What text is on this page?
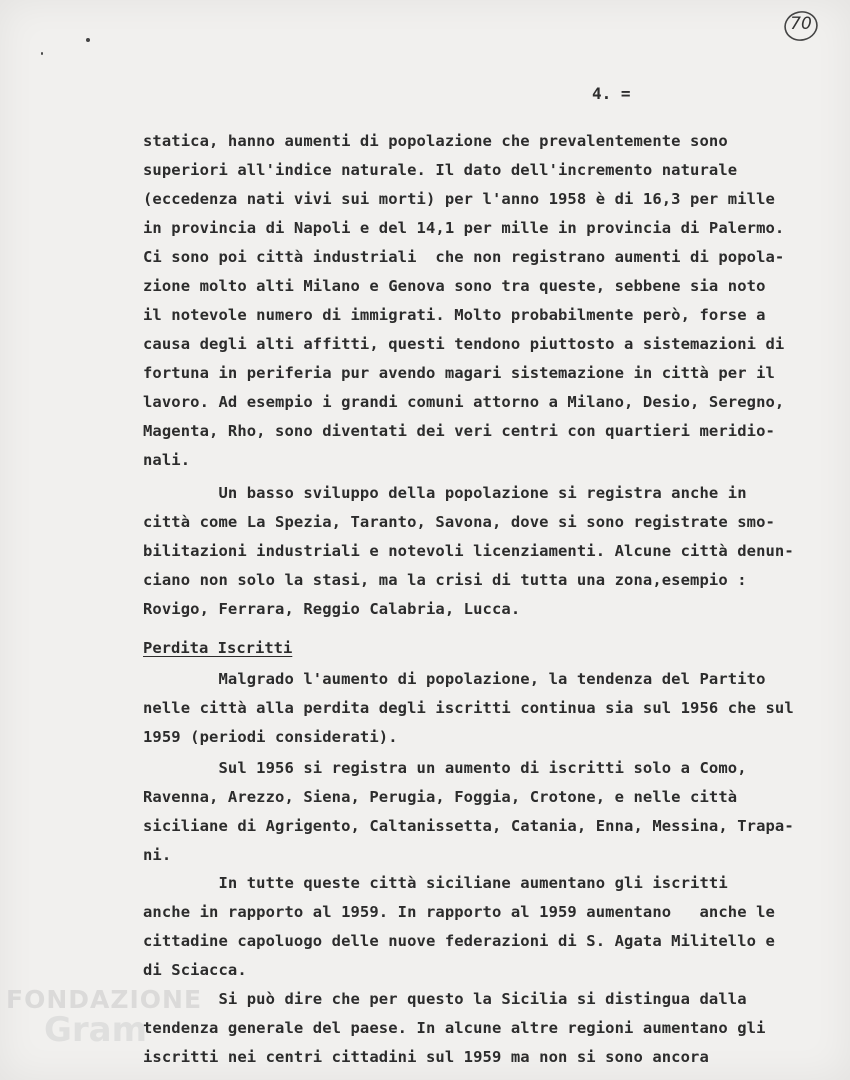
70
4. =
statica, hanno aumenti di popolazione che prevalentemente sono
superiori all'indice naturale. Il dato dell'incremento naturale
(eccedenza nati vivi sui morti) per l'anno 1958 è di 16,3 per mille
in provincia di Napoli e del 14,1 per mille in provincia di Palermo.
Ci sono poi città industriali  che non registrano aumenti di popola-
zione molto alti Milano e Genova sono tra queste, sebbene sia noto
il notevole numero di immigrati. Molto probabilmente però, forse a
causa degli alti affitti, questi tendono piuttosto a sistemazioni di
fortuna in periferia pur avendo magari sistemazione in città per il
lavoro. Ad esempio i grandi comuni attorno a Milano, Desio, Seregno,
Magenta, Rho, sono diventati dei veri centri con quartieri meridio-
nali.
Un basso sviluppo della popolazione si registra anche in
città come La Spezia, Taranto, Savona, dove si sono registrate smo-
bilitazioni industriali e notevoli licenziamenti. Alcune città denun-
ciano non solo la stasi, ma la crisi di tutta una zona,esempio :
Rovigo, Ferrara, Reggio Calabria, Lucca.
Perdita Iscritti
Malgrado l'aumento di popolazione, la tendenza del Partito
nelle città alla perdita degli iscritti continua sia sul 1956 che sul
1959 (periodi considerati).
Sul 1956 si registra un aumento di iscritti solo a Como,
Ravenna, Arezzo, Siena, Perugia, Foggia, Crotone, e nelle città
siciliane di Agrigento, Caltanissetta, Catania, Enna, Messina, Trapa-
ni.
In tutte queste città siciliane aumentano gli iscritti
anche in rapporto al 1959. In rapporto al 1959 aumentano   anche le
cittadine capoluogo delle nuove federazioni di S. Agata Militello e
di Sciacca.
Si può dire che per questo la Sicilia si distingua dalla
tendenza generale del paese. In alcune altre regioni aumentano gli
iscritti nei centri cittadini sul 1959 ma non si sono ancora
FONDAZIONE
Gram
